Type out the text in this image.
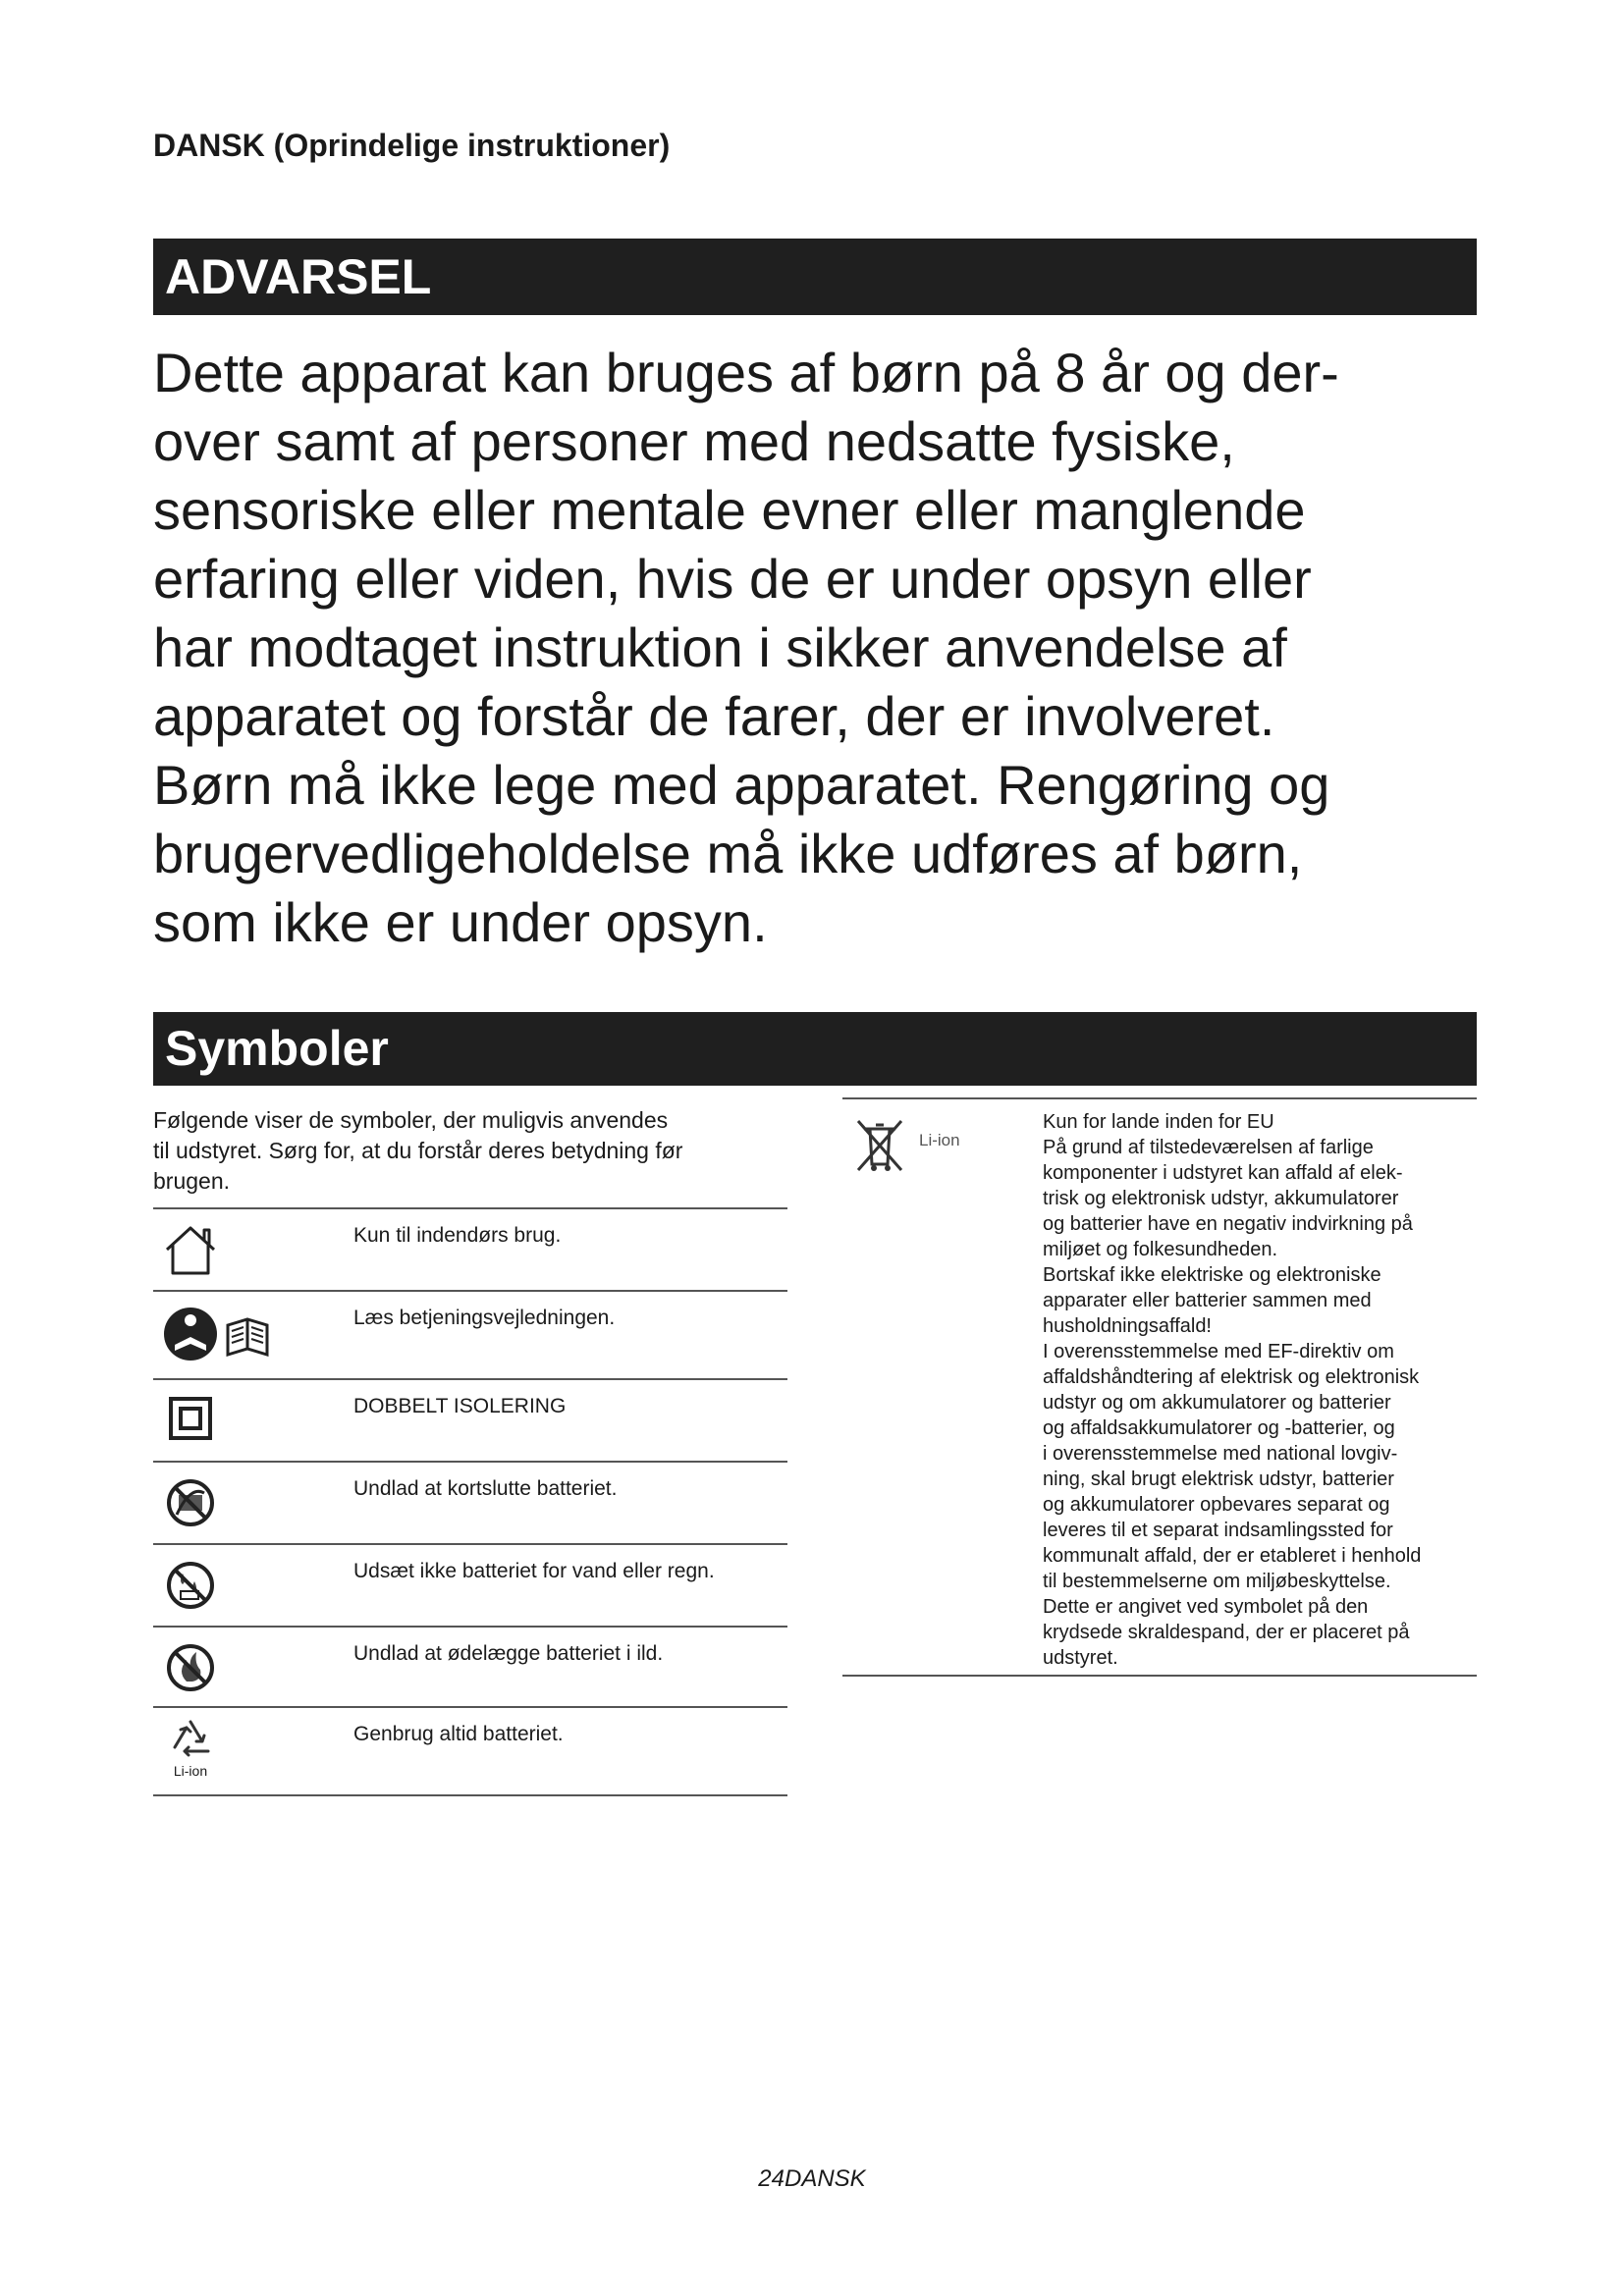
DANSK (Oprindelige instruktioner)
ADVARSEL

Dette apparat kan bruges af børn på 8 år og der-
over samt af personer med nedsatte fysiske,
sensoriske eller mentale evner eller manglende
erfaring eller viden, hvis de er under opsyn eller
har modtaget instruktion i sikker anvendelse af
apparatet og forstår de farer, der er involveret.
Børn må ikke lege med apparatet. Rengøring og
brugervedligeholdelse må ikke udføres af børn,
som ikke er under opsyn.

Symboler

Følgende viser de symboler, der muligvis anvendes
til udstyret. Sørg for, at du forstår deres betydning før
brugen.

Kun til indendørs brug.
Læs betjeningsvejledningen.
DOBBELT ISOLERING
Undlad at kortslutte batteriet.
Udsæt ikke batteriet for vand eller regn.
Undlad at ødelægge batteriet i ild.
Li-ion
Genbrug altid batteriet.
Li-ion
Kun for lande inden for EU
På grund af tilstedeværelsen af farlige
komponenter i udstyret kan affald af elek-
trisk og elektronisk udstyr, akkumulatorer
og batterier have en negativ indvirkning på
miljøet og folkesundheden.
Bortskaf ikke elektriske og elektroniske
apparater eller batterier sammen med
husholdningsaffald!
I overensstemmelse med EF-direktiv om
affaldshåndtering af elektrisk og elektronisk
udstyr og om akkumulatorer og batterier
og affaldsakkumulatorer og -batterier, og
i overensstemmelse med national lovgiv-
ning, skal brugt elektrisk udstyr, batterier
og akkumulatorer opbevares separat og
leveres til et separat indsamlingssted for
kommunalt affald, der er etableret i henhold
til bestemmelserne om miljøbeskyttelse.
Dette er angivet ved symbolet på den
krydsede skraldespand, der er placeret på
udstyret.
24DANSK
